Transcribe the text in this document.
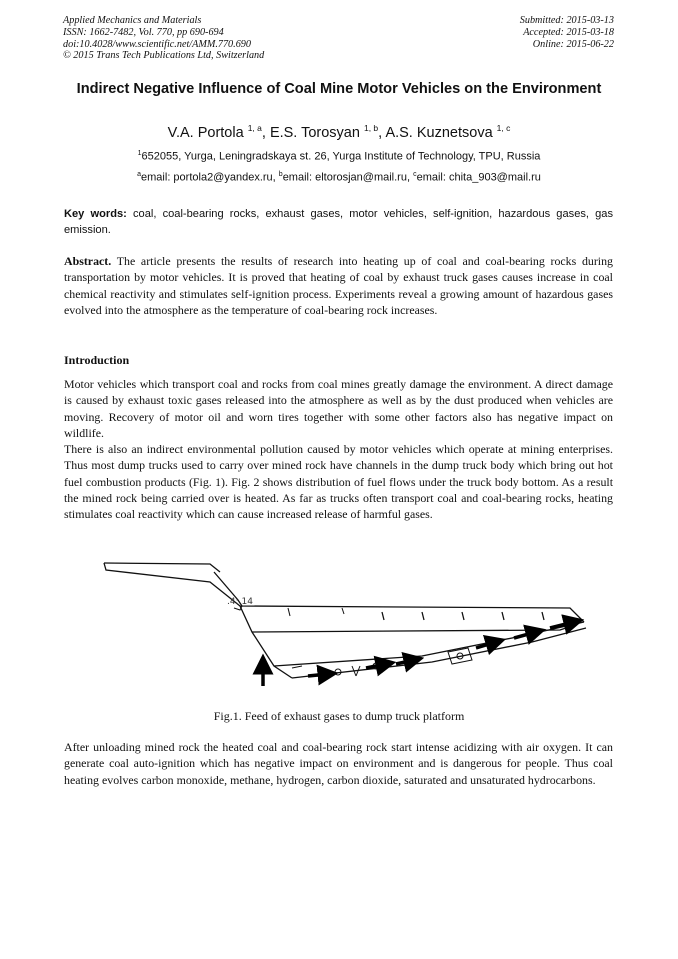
Applied Mechanics and Materials
ISSN: 1662-7482, Vol. 770, pp 690-694
doi:10.4028/www.scientific.net/AMM.770.690
© 2015 Trans Tech Publications Ltd, Switzerland
Submitted: 2015-03-13
Accepted: 2015-03-18
Online: 2015-06-22
Indirect Negative Influence of Coal Mine Motor Vehicles on the Environment
V.A. Portola $^{1, a}$, E.S. Torosyan $^{1, b}$, A.S. Kuznetsova $^{1, c}$
$^1$652055, Yurga, Leningradskaya st. 26, Yurga Institute of Technology, TPU, Russia
$^a$email: portola2@yandex.ru, $^b$email: eltorosjan@mail.ru, $^c$email: chita_903@mail.ru
Key words: coal, coal-bearing rocks, exhaust gases, motor vehicles, self-ignition, hazardous gases, gas emission.
Abstract. The article presents the results of research into heating up of coal and coal-bearing rocks during transportation by motor vehicles. It is proved that heating of coal by exhaust truck gases causes increase in coal chemical reactivity and stimulates self-ignition process. Experiments reveal a growing amount of hazardous gases evolved into the atmosphere as the temperature of coal-bearing rock increases.
Introduction
Motor vehicles which transport coal and rocks from coal mines greatly damage the environment. A direct damage is caused by exhaust toxic gases released into the atmosphere as well as by the dust produced when vehicles are moving. Recovery of motor oil and worn tires together with some other factors also has negative impact on wildlife.
There is also an indirect environmental pollution caused by motor vehicles which operate at mining enterprises. Thus most dump trucks used to carry over mined rock have channels in the dump truck body which bring out hot fuel combustion products (Fig. 1). Fig. 2 shows distribution of fuel flows under the truck body bottom. As a result the mined rock being carried over is heated. As far as trucks often transport coal and coal-bearing rocks, heating stimulates coal reactivity which can cause increased release of harmful gases.
.4: 14
Fig.1. Feed of exhaust gases to dump truck platform
After unloading mined rock the heated coal and coal-bearing rock start intense acidizing with air oxygen. It can generate coal auto-ignition which has negative impact on environment and is dangerous for people. Thus coal heating evolves carbon monoxide, methane, hydrogen, carbon dioxide, saturated and unsaturated hydrocarbons.
